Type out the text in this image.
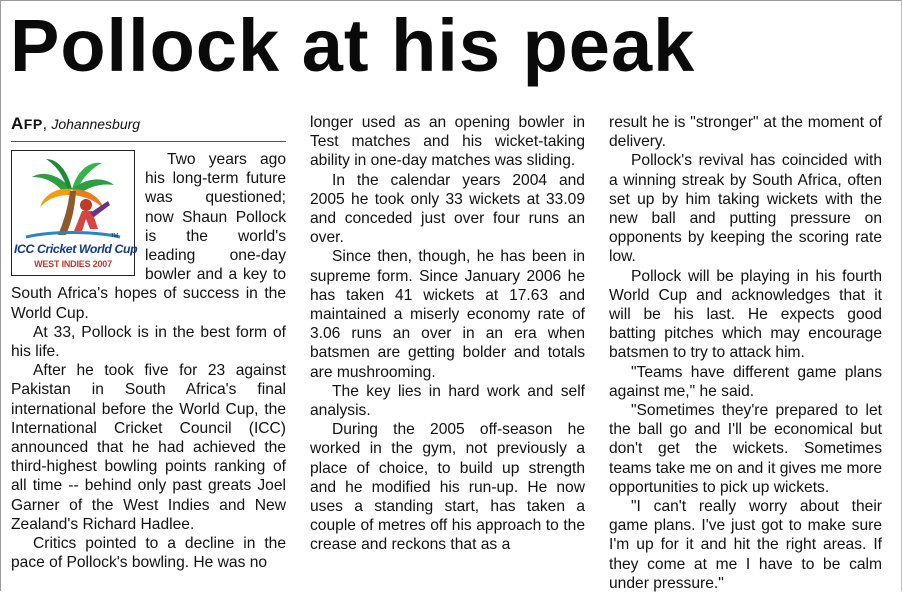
Pollock at his peak
AFP, Johannesburg
TM
ICC Cricket World Cup
WEST INDIES 2007

Two years ago his long-term future was questioned; now Shaun Pollock is the world's leading one-day bowler and a key to South Africa's hopes of success in the World Cup.

At 33, Pollock is in the best form of his life.

After he took five for 23 against Pakistan in South Africa's final international before the World Cup, the International Cricket Council (ICC) announced that he had achieved the third-highest bowling points ranking of all time -- behind only past greats Joel Garner of the West Indies and New Zealand's Richard Hadlee.

Critics pointed to a decline in the pace of Pollock's bowling. He was no

longer used as an opening bowler in Test matches and his wicket-taking ability in one-day matches was sliding.

In the calendar years 2004 and 2005 he took only 33 wickets at 33.09 and conceded just over four runs an over.

Since then, though, he has been in supreme form. Since January 2006 he has taken 41 wickets at 17.63 and maintained a miserly economy rate of 3.06 runs an over in an era when batsmen are getting bolder and totals are mushrooming.

The key lies in hard work and self analysis.

During the 2005 off-season he worked in the gym, not previously a place of choice, to build up strength and he modified his run-up. He now uses a standing start, has taken a couple of metres off his approach to the crease and reckons that as a

result he is "stronger" at the moment of delivery.

Pollock's revival has coincided with a winning streak by South Africa, often set up by him taking wickets with the new ball and putting pressure on opponents by keeping the scoring rate low.

Pollock will be playing in his fourth World Cup and acknowledges that it will be his last. He expects good batting pitches which may encourage batsmen to try to attack him.

"Teams have different game plans against me," he said.

"Sometimes they're prepared to let the ball go and I'll be economical but don't get the wickets. Sometimes teams take me on and it gives me more opportunities to pick up wickets.

"I can't really worry about their game plans. I've just got to make sure I'm up for it and hit the right areas. If they come at me I have to be calm under pressure."
